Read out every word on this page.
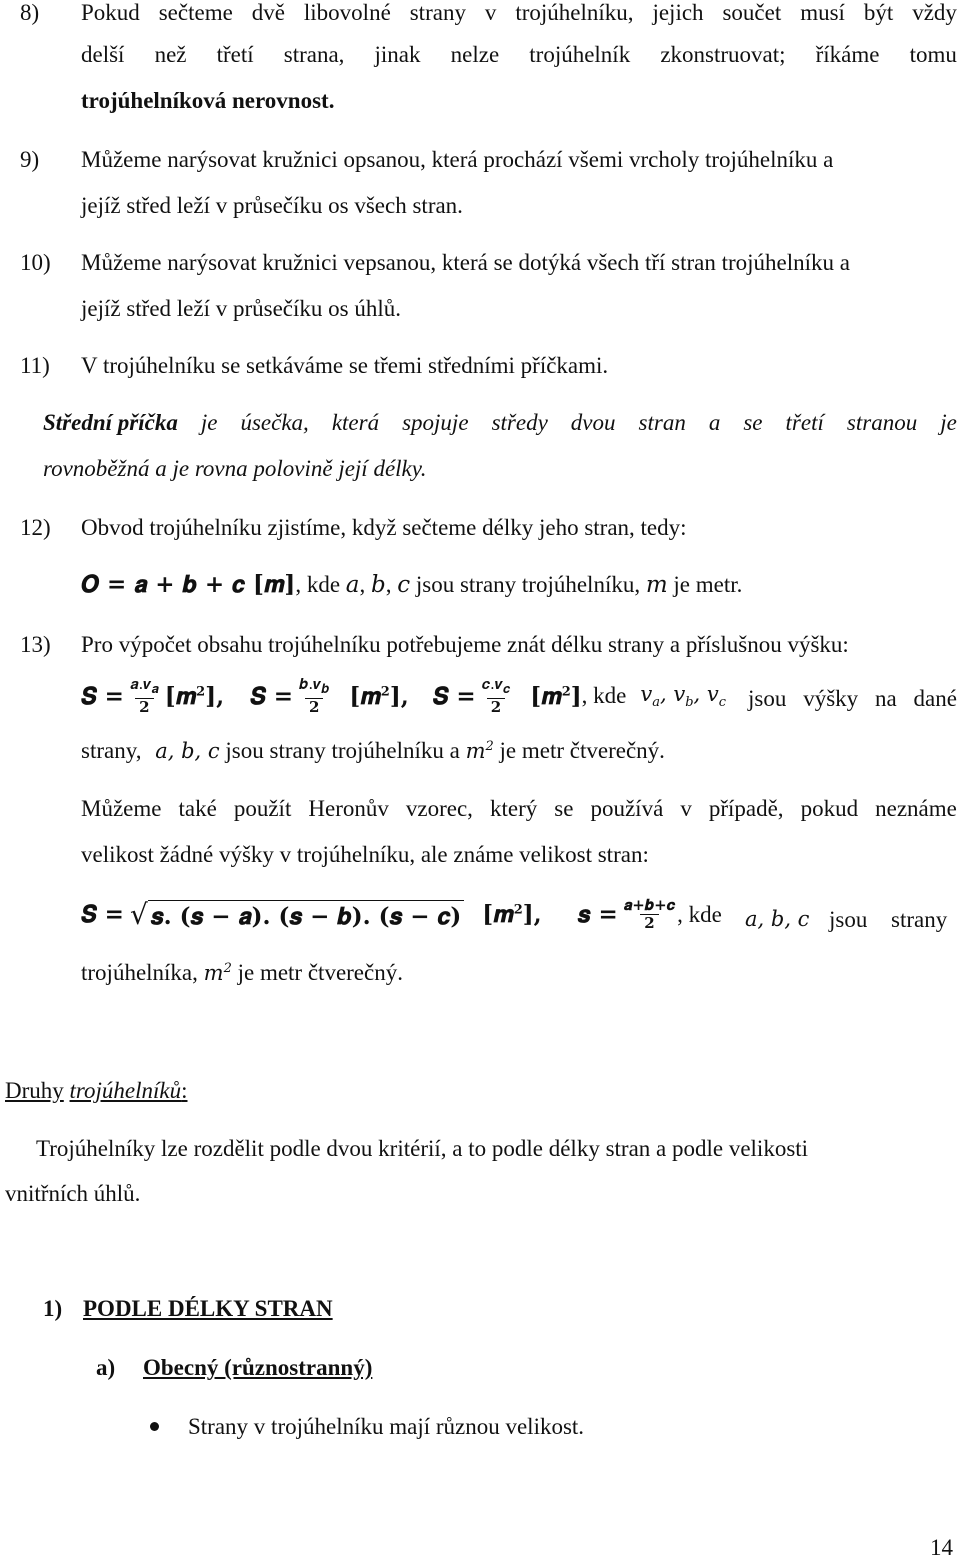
8) Pokud sečteme dvě libovolné strany v trojúhelníku, jejich součet musí být vždy
delší než třetí strana, jinak nelze trojúhelník zkonstruovat; říkáme tomu
trojúhelníková nerovnost.
9) Můžeme narýsovat kružnici opsanou, která prochází všemi vrcholy trojúhelníku a
jejíž střed leží v průsečíku os všech stran.
10) Můžeme narýsovat kružnici vepsanou, která se dotýká všech tří stran trojúhelníku a
jejíž střed leží v průsečíku os úhlů.
11) V trojúhelníku se setkáváme se třemi středními příčkami.
Střední příčka je úsečka, která spojuje středy dvou stran a se třetí stranou je
rovnoběžná a je rovna polovině její délky.
12) Obvod trojúhelníku zjistíme, když sečteme délky jeho stran, tedy:
𝑶 = 𝒂 + 𝒃 + 𝒄 [𝒎], kde 𝑎, 𝑏, 𝑐 jsou strany trojúhelníku, 𝑚 je metr.
13) Pro výpočet obsahu trojúhelníku potřebujeme znát délku strany a příslušnou výšku:
𝑺 = $\frac{𝒂.𝒗_𝒂}{𝟐}$ [𝒎$^𝟐$], 𝑺 = $\frac{𝒃.𝒗_𝒃}{𝟐}$ [𝒎$^𝟐$], 𝑺 = $\frac{𝒄.𝒗_𝒄}{𝟐}$ [𝒎$^𝟐$] , kde 𝑣$_𝑎$, 𝑣$_𝑏$, 𝑣$_𝑐$ jsou výšky na dané
strany, 𝑎, 𝑏, 𝑐 jsou strany trojúhelníku a 𝑚$^2$ je metr čtverečný.
Můžeme také použít Heronův vzorec, který se používá v případě, pokud neznáme
velikost žádné výšky v trojúhelníku, ale známe velikost stran:
𝑺 = √ 𝒔. (𝒔 − 𝒂). (𝒔 − 𝒃). (𝒔 − 𝒄) [𝒎$^𝟐$], 𝒔 = $\frac{\text{𝒂+𝒃+𝒄}}{𝟐}$ , kde 𝑎, 𝑏, 𝑐 jsou strany
trojúhelníka, 𝑚$^2$ je metr čtverečný.
Druhy trojúhelníků:
Trojúhelníky lze rozdělit podle dvou kritérií, a to podle délky stran a podle velikosti
vnitřních úhlů.
1) PODLE DÉLKY STRAN
a) Obecný (různostranný)
Strany v trojúhelníku mají různou velikost.
14
